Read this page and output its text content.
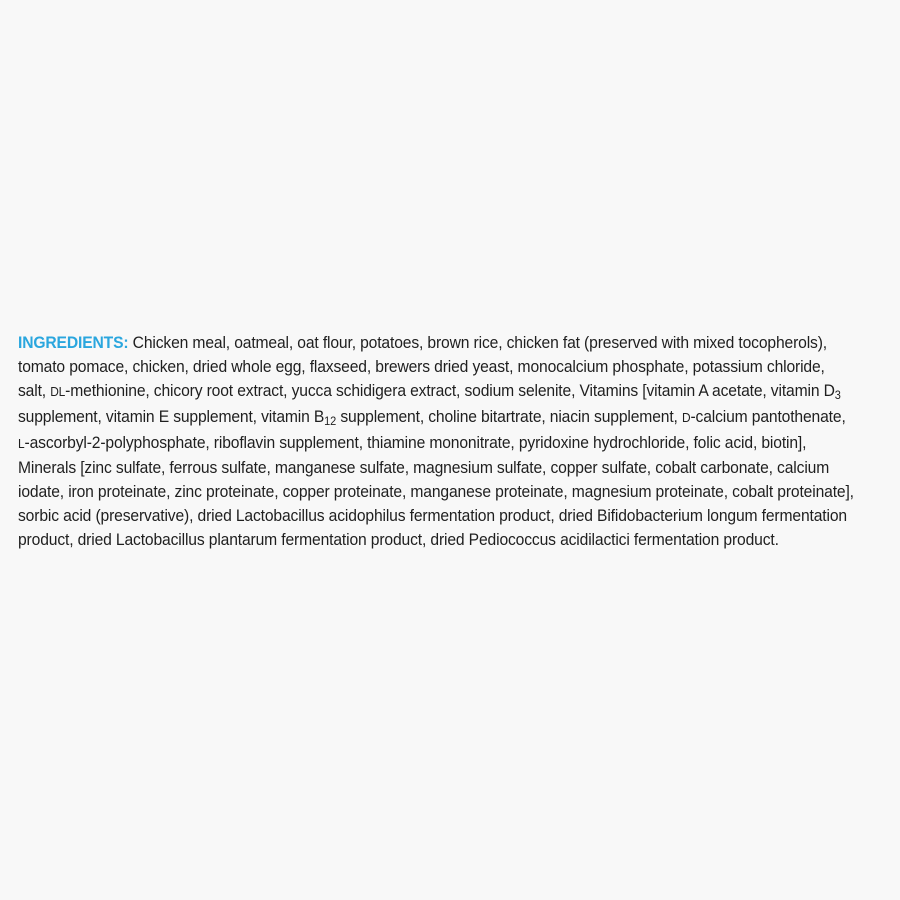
INGREDIENTS: Chicken meal, oatmeal, oat flour, potatoes, brown rice, chicken fat (preserved with mixed tocopherols), tomato pomace, chicken, dried whole egg, flaxseed, brewers dried yeast, monocalcium phosphate, potassium chloride, salt, DL-methionine, chicory root extract, yucca schidigera extract, sodium selenite, Vitamins [vitamin A acetate, vitamin D3 supplement, vitamin E supplement, vitamin B12 supplement, choline bitartrate, niacin supplement, D-calcium pantothenate, L-ascorbyl-2-polyphosphate, riboflavin supplement, thiamine mononitrate, pyridoxine hydrochloride, folic acid, biotin], Minerals [zinc sulfate, ferrous sulfate, manganese sulfate, magnesium sulfate, copper sulfate, cobalt carbonate, calcium iodate, iron proteinate, zinc proteinate, copper proteinate, manganese proteinate, magnesium proteinate, cobalt proteinate], sorbic acid (preservative), dried Lactobacillus acidophilus fermentation product, dried Bifidobacterium longum fermentation product, dried Lactobacillus plantarum fermentation product, dried Pediococcus acidilactici fermentation product.
